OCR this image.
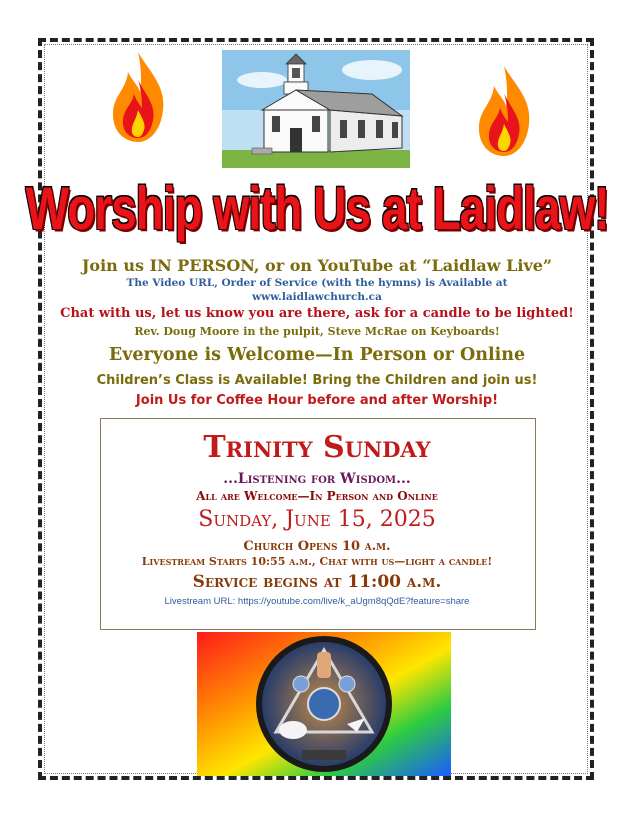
Worship with Us at Laidlaw!
Join us IN PERSON, or on YouTube at “Laidlaw Live”
The Video URL, Order of Service (with the hymns) is Available at
www.laidlawchurch.ca
Chat with us, let us know you are there, ask for a candle to be lighted!
Rev. Doug Moore in the pulpit, Steve McRae on Keyboards!
Everyone is Welcome—In Person or Online
Children’s Class is Available! Bring the Children and join us!
Join Us for Coffee Hour before and after Worship!
Trinity Sunday
...Listening for Wisdom...
All are Welcome—In Person and Online
Sunday, June 15, 2025
Church Opens 10 a.m.
Livestream Starts 10:55 a.m., Chat with us—light a candle!
Service begins at 11:00 a.m.
Livestream URL: https://youtube.com/live/k_aUgm8qQdE?feature=share
